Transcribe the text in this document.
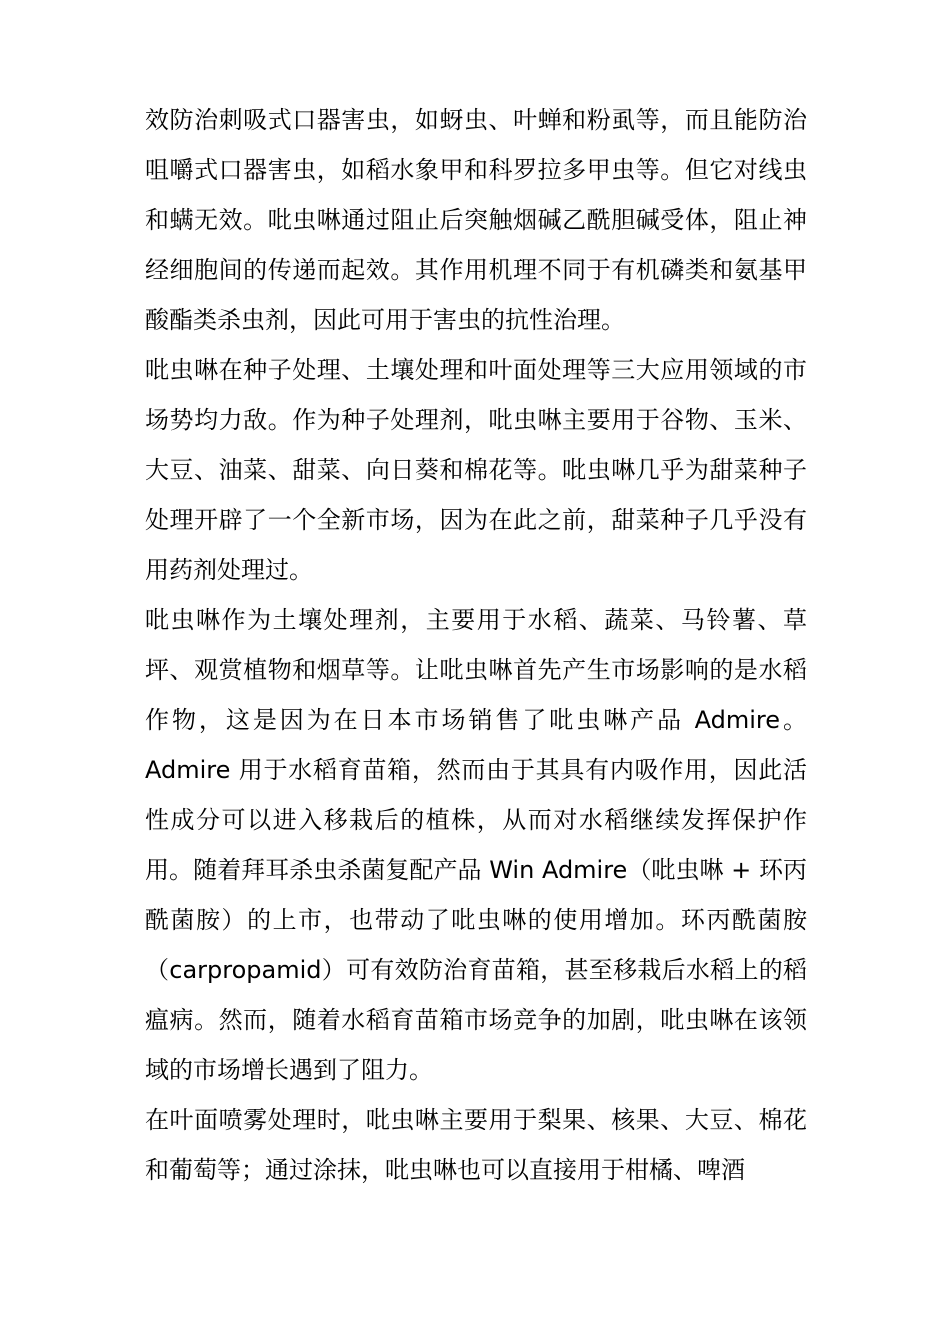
效防治刺吸式口器害虫，如蚜虫、叶蝉和粉虱等，而且能防治咀嚼式口器害虫，如稻水象甲和科罗拉多甲虫等。但它对线虫和螨无效。吡虫啉通过阻止后突触烟碱乙酰胆碱受体，阻止神经细胞间的传递而起效。其作用机理不同于有机磷类和氨基甲酸酯类杀虫剂，因此可用于害虫的抗性治理。

吡虫啉在种子处理、土壤处理和叶面处理等三大应用领域的市场势均力敌。作为种子处理剂，吡虫啉主要用于谷物、玉米、大豆、油菜、甜菜、向日葵和棉花等。吡虫啉几乎为甜菜种子处理开辟了一个全新市场，因为在此之前，甜菜种子几乎没有用药剂处理过。

吡虫啉作为土壤处理剂，主要用于水稻、蔬菜、马铃薯、草坪、观赏植物和烟草等。让吡虫啉首先产生市场影响的是水稻作物，这是因为在日本市场销售了吡虫啉产品 Admire。Admire 用于水稻育苗箱，然而由于其具有内吸作用，因此活性成分可以进入移栽后的植株，从而对水稻继续发挥保护作用。随着拜耳杀虫杀菌复配产品 Win Admire（吡虫啉 + 环丙酰菌胺）的上市，也带动了吡虫啉的使用增加。环丙酰菌胺（carpropamid）可有效防治育苗箱，甚至移栽后水稻上的稻瘟病。然而，随着水稻育苗箱市场竞争的加剧，吡虫啉在该领域的市场增长遇到了阻力。

在叶面喷雾处理时，吡虫啉主要用于梨果、核果、大豆、棉花和葡萄等；通过涂抹，吡虫啉也可以直接用于柑橘、啤酒
